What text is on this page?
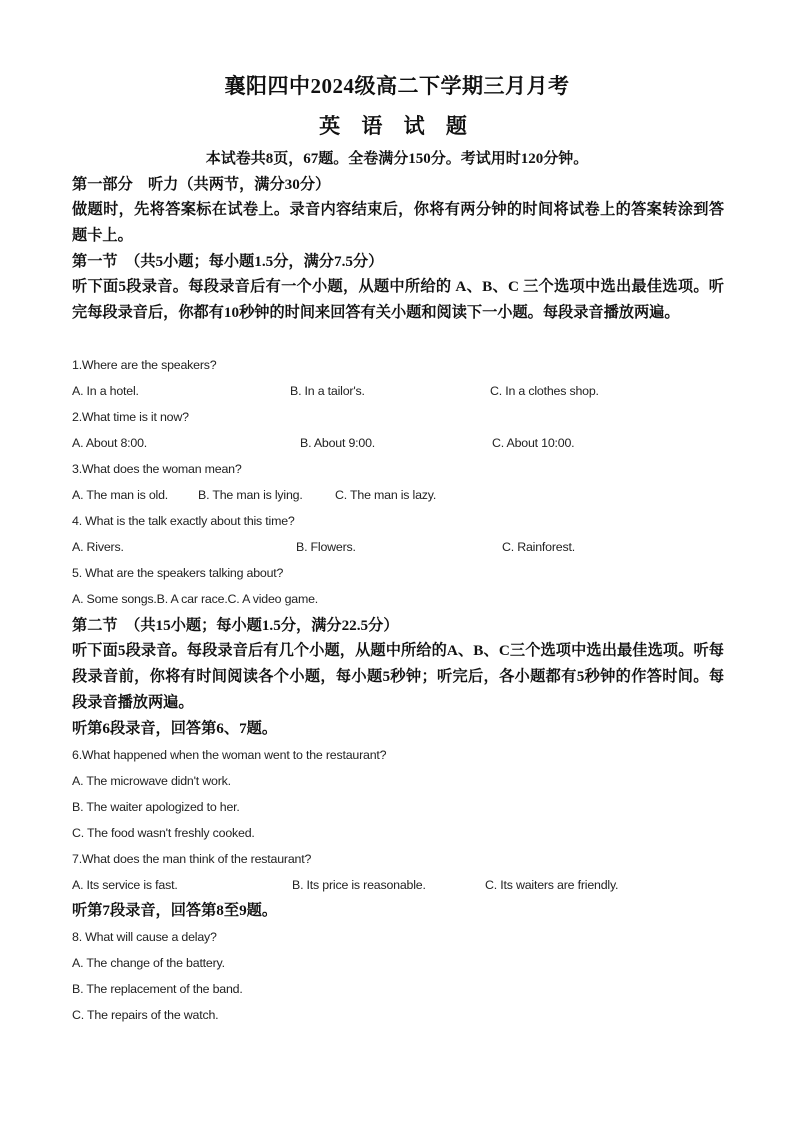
襄阳四中2024级高二下学期三月月考
英 语 试 题
本试卷共8页，67题。全卷满分150分。考试用时120分钟。
第一部分　听力（共两节，满分30分）
做题时，先将答案标在试卷上。录音内容结束后，你将有两分钟的时间将试卷上的答案转涂到答题卡上。
第一节　（共5小题；每小题1.5分，满分7.5分）
听下面5段录音。每段录音后有一个小题，从题中所给的 A、B、C 三个选项中选出最佳选项。听完每段录音后，你都有10秒钟的时间来回答有关小题和阅读下一小题。每段录音播放两遍。
1.Where are the speakers?
A. In a hotel.	B. In a tailor's.	C. In a clothes shop.
2.What time is it now?
A. About 8:00.	B. About 9:00.	C. About 10:00.
3.What does the woman mean?
A. The man is old. B. The man is lying.	C. The man is lazy.
4. What is the talk exactly about this time?
A. Rivers.	B. Flowers.	C. Rainforest.
5. What are the speakers talking about?
A. Some songs.B. A car race.C. A video game.
第二节　（共15小题；每小题1.5分，满分22.5分）
听下面5段录音。每段录音后有几个小题，从题中所给的A、B、C三个选项中选出最佳选项。听每段录音前，你将有时间阅读各个小题，每小题5秒钟；听完后，各小题都有5秒钟的作答时间。每段录音播放两遍。
听第6段录音，回答第6、7题。
6.What happened when the woman went to the restaurant?
A. The microwave didn't work.
B. The waiter apologized to her.
C. The food wasn't freshly cooked.
7.What does the man think of the restaurant?
A. Its service is fast.	B. Its price is reasonable.	C. Its waiters are friendly.
听第7段录音，回答第8至9题。
8. What will cause a delay?
A. The change of the battery.
B. The replacement of the band.
C. The repairs of the watch.
